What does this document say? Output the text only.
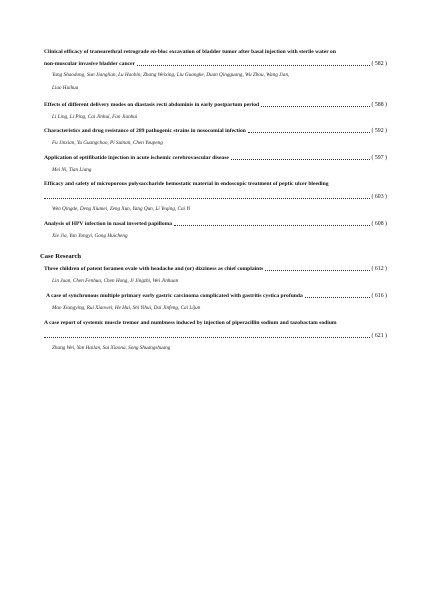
Clinical efficacy of transurethral retrograde en-bloc excavation of bladder tumor after basal injection with sterile water on
non-muscular invasive bladder cancer	( 582 )
Yang Shaodong, Sun Jianglian, Lu Haobin, Zhang Weixing, Liu Guangke, Duan Qingguang, Wu Zhou, Wang Jian,
Liao Huihua
Effects of different delivery modes on diastasis recti abdominis in early postpartum period	( 588 )
Li Ling, Li Ping, Cai Jinhui, Fan Jianhui
Characteristics and drug resistance of 289 pathogenic strains in nosocomial infection	( 592 )
Fu Jinxian, Yu Guangchao, Pi Suinan, Chen Youpeng
Application of eptifibatide injection in acute ischemic cerebrovascular disease	( 597 )
Mei Ni, Tian Liang
Efficacy and safety of microporous polysaccharide hemostatic material in endoscopic treatment of peptic ulcer bleeding
( 603 )
Wen Qingde, Deng Xiumei, Zeng Xun, Yang Qun, Li Yeqing, Cai Yi
Analysis of HPV infection in nasal inverted papilloma	( 608 )
Xie Jia, Yan Yongyi, Gong Huicheng
Case Research
Three children of patent foramen ovale with headache and (or) dizziness as chief complaints	( 612 )
Lin Juan, Chen Fenhua, Chen Hong, Ji Jingzhi, Wei Jinhuan
A case of synchronous multiple primary early gastric carcinoma complicated with gastritis cystica profunda	( 616 )
Mao Xiangying, Rui Xiaowei, He Hui, Shi Yihui, Dai Jinfeng, Cai Lijun
A case report of systemic muscle tremor and numbness induced by injection of piperacillin sodium and tazobactam sodium
( 621 )
Zhang Wei, Yan Hailan, Sui Xiaona, Song Shuangshuang
